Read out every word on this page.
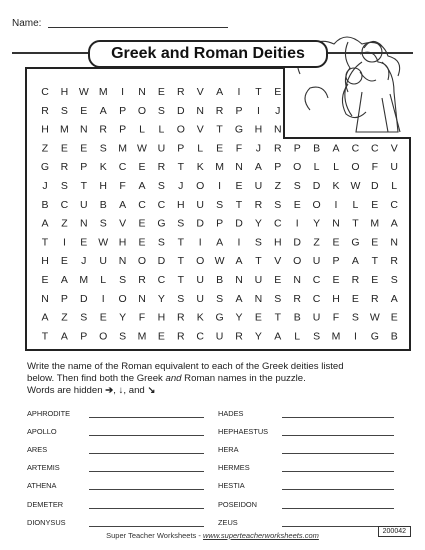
Name:
Greek and Roman Deities
C H W M I N E R V A I T E
R S E A P O S D N R P I J
H M N R P L L O V T G H N
Z E E S M W U P L E F J R P B A C C V
G R P K C E R T K M N A P O L L O F U
J S T H F A S J O I E U Z S D K W D L
B C U B A C C H U S T R S E O I L E C
A Z N S V E G S D P D Y C I Y N T M A
T I E W H E S T I A I S H D Z E G E N
H E J U N O D T O W A T V O U P A T R
E A M L S R C T U B N U E N C E R E S
N P D I O N Y S U S A N S R C H E R A
A Z S E Y F H R K G Y E T B U F S W E
T A P O S M E R C U R Y A L S M I G B
Write the name of the Roman equivalent to each of the Greek deities listed
below. Then find both the Greek and Roman names in the puzzle.
Words are hidden ➔, ↓, and ↘
APHRODITE
APOLLO
ARES
ARTEMIS
ATHENA
DEMETER
DIONYSUS
HADES
HEPHAESTUS
HERA
HERMES
HESTIA
POSEIDON
ZEUS
Super Teacher Worksheets - www.superteacherworksheets.com	200042
